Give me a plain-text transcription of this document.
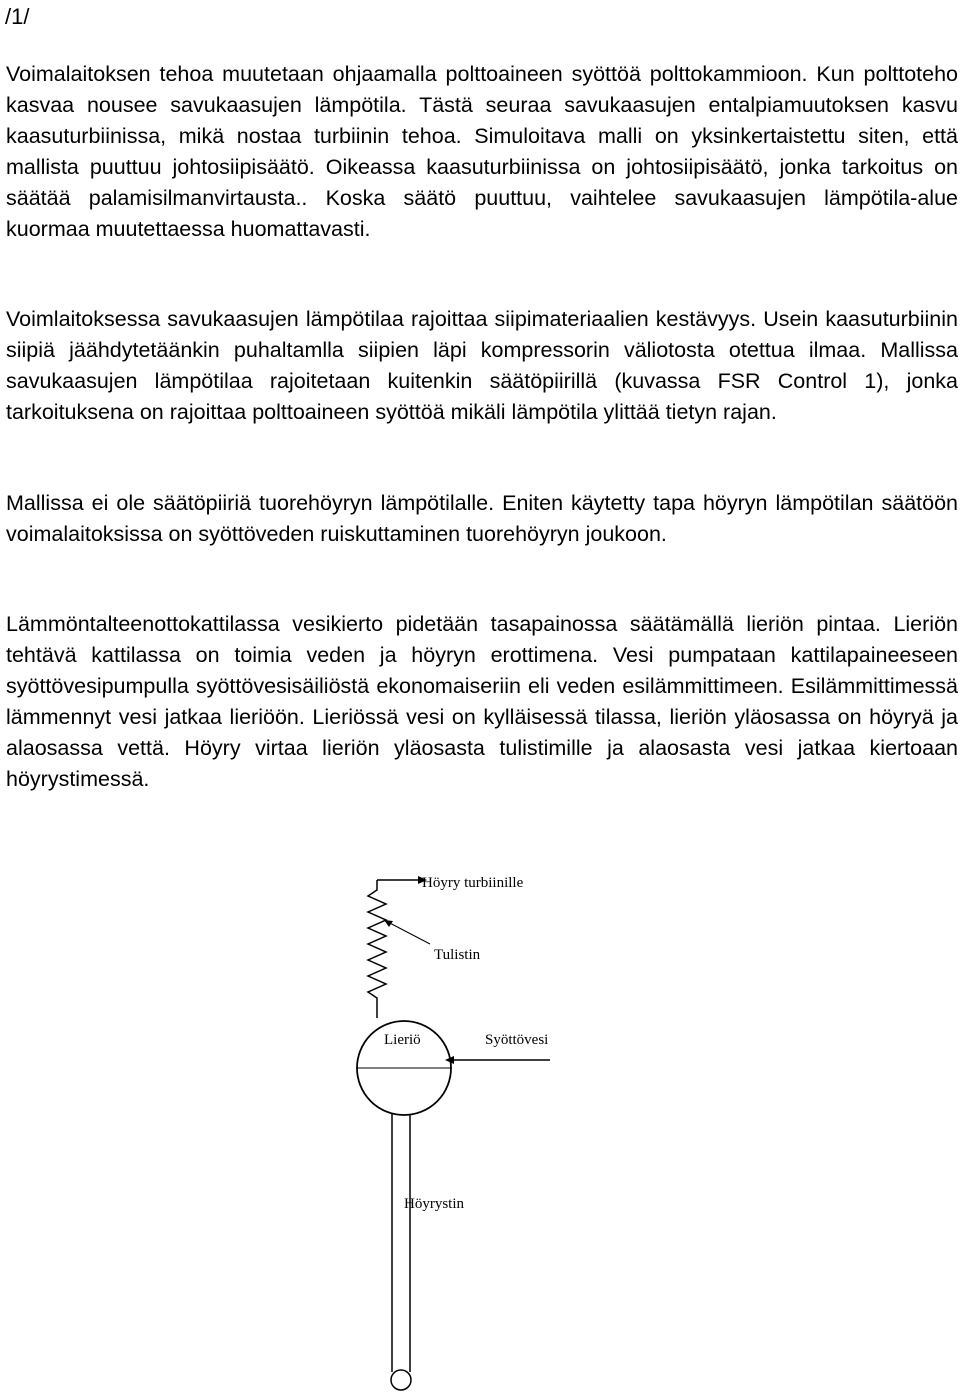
/1/

Voimalaitoksen tehoa muutetaan ohjaamalla polttoaineen syöttöä polttokammioon. Kun polttoteho kasvaa nousee savukaasujen lämpötila. Tästä seuraa savukaasujen entalpiamuutoksen kasvu kaasuturbiinissa, mikä nostaa turbiinin tehoa. Simuloitava malli on yksinkertaistettu siten, että mallista puuttuu johtosiipisäätö. Oikeassa kaasuturbiinissa on johtosiipisäätö, jonka tarkoitus on säätää palamisilmanvirtausta.. Koska säätö puuttuu, vaihtelee savukaasujen lämpötila-alue kuormaa muutettaessa huomattavasti.

Voimlaitoksessa savukaasujen lämpötilaa rajoittaa siipimateriaalien kestävyys. Usein kaasuturbiinin siipiä jäähdytetäänkin puhaltamlla siipien läpi kompressorin väliotosta otettua ilmaa. Mallissa savukaasujen lämpötilaa rajoitetaan kuitenkin säätöpiirillä (kuvassa FSR Control 1), jonka tarkoituksena on rajoittaa polttoaineen syöttöä mikäli lämpötila ylittää tietyn rajan.

Mallissa ei ole säätöpiiriä tuorehöyryn lämpötilalle. Eniten käytetty tapa höyryn lämpötilan säätöön voimalaitoksissa on syöttöveden ruiskuttaminen tuorehöyryn joukoon.

Lämmöntalteenottokattilassa vesikierto pidetään tasapainossa säätämällä lieriön pintaa. Lieriön tehtävä kattilassa on toimia veden ja höyryn erottimena. Vesi pumpataan kattilapaineeseen syöttövesipumpulla syöttövesisäiliöstä ekonomaiseriin eli veden esilämmittimeen. Esilämmittimessä lämmennyt vesi jatkaa lieriöön. Lieriössä vesi on kylläisessä tilassa, lieriön yläosassa on höyryä ja alaosassa vettä. Höyry virtaa lieriön yläosasta tulistimille ja alaosasta vesi jatkaa kiertoaan höyrystimessä.

Höyry turbiinille
Tulistin
Lieriö	Syöttövesi
Höyrystin
